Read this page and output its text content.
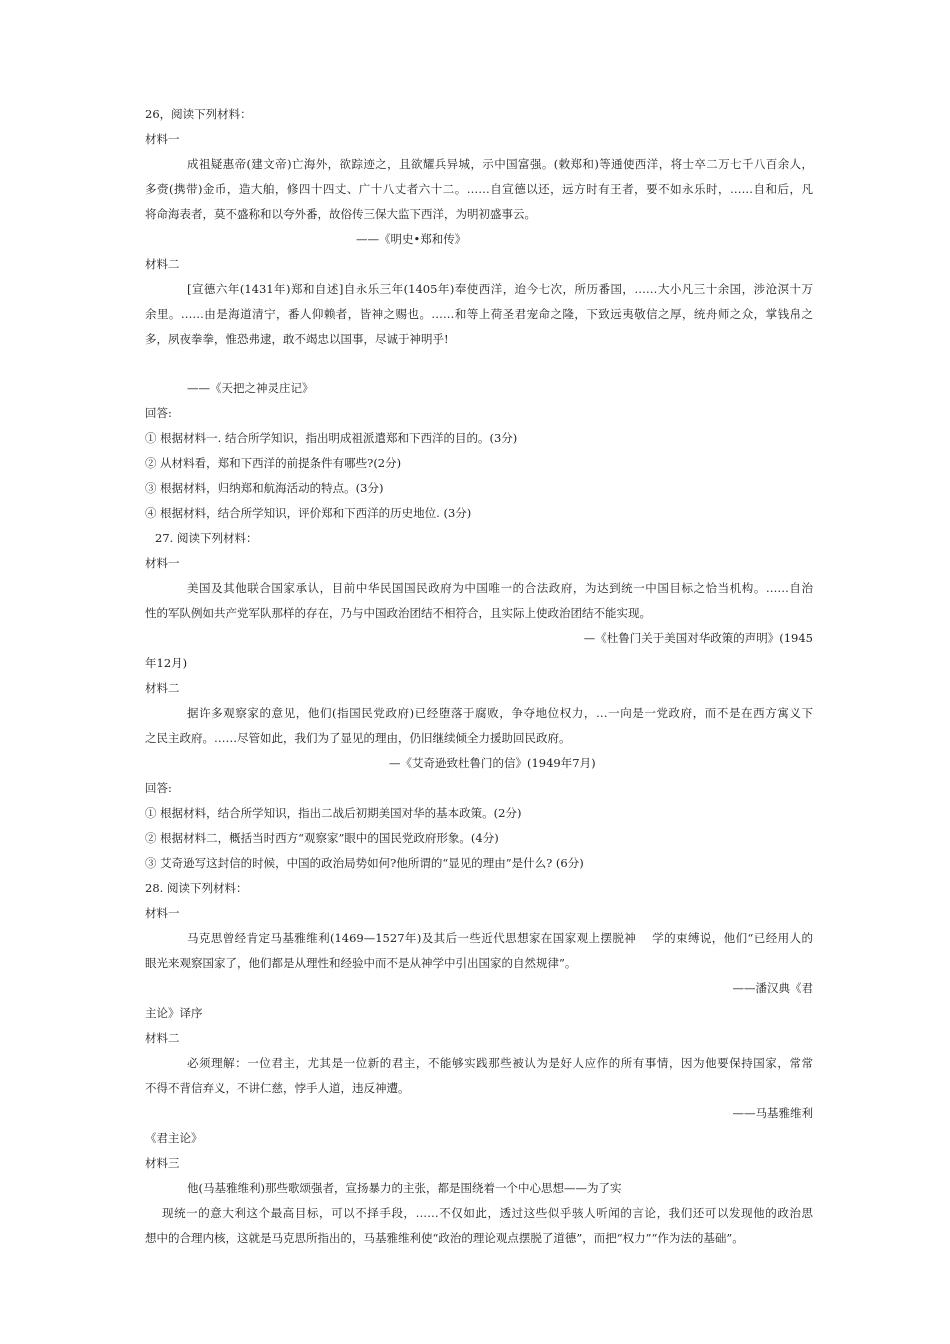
26，阅读下列材料：
材料一
成祖疑惠帝(建文帝)亡海外，欲踪迹之，且欲耀兵异城，示中国富强。(敕郑和)等通使西洋，将士卒二万七千八百余人，
多赍(携带)金币，造大舶，修四十四丈、广十八丈者六十二。……自宣德以还，远方时有王者，要不如永乐时，……自和后，凡
将命海表者，莫不盛称和以夸外番，故俗传三保大监下西洋，为明初盛事云。
——《明史•郑和传》
材料二
[宣德六年(1431年)郑和自述]自永乐三年(1405年)奉使西洋，迨今七次，所历番国，……大小凡三十余国，涉沧溟十万
余里。……由是海道清宁，番人仰赖者，皆神之赐也。……和等上荷圣君宠命之隆，下致远夷敬信之厚，统舟师之众，掌钱帛之
多，夙夜拳拳，惟恐弗逮，敢不竭忠以国事，尽诚于神明乎!
——《天把之神灵庄记》
回答:
① 根据材料一. 结合所学知识，指出明成祖派遣郑和下西洋的目的。(3分)
② 从材料看，郑和下西洋的前提条件有哪些?(2分)
③ 根据材料，归纳郑和航海活动的特点。(3分)
④ 根据材料，结合所学知识，评价郑和下西洋的历史地位. (3分)
27. 阅读下列材料：
材料一
美国及其他联合国家承认，目前中华民国国民政府为中国唯一的合法政府，为达到统一中国目标之恰当机构。……自治
性的军队例如共产党军队那样的存在，乃与中国政治团结不相符合，且实际上使政治团结不能实现。
—《杜鲁门关于美国对华政策的声明》(1945
年12月)
材料二
据许多观察家的意见，他们(指国民党政府)已经堕落于腐败，争夺地位权力，…一向是一党政府，而不是在西方寓义下
之民主政府。……尽管如此，我们为了显见的理由，仍旧继续倾全力援助回民政府。
—《艾奇逊致杜鲁门的信》(1949年7月)
回答:
① 根据材料，结合所学知识，指出二战后初期美国对华的基本政策。(2分)
② 根据材料二，概括当时西方“观察家”眼中的国民党政府形象。(4分)
③ 艾奇逊写这封信的时候，中国的政治局势如何?他所谓的“显见的理由”是什么? (6分)
28. 阅读下列材料：
材料一
马克思曾经肯定马基雅维利(1469—1527年)及其后一些近代思想家在国家观上摆脱神　 学的束缚说，他们“已经用人的
眼光来观察国家了，他们都是从理性和经验中而不是从神学中引出国家的自然规律”。
——潘汉典《君
主论》译序
材料二
必须理解：一位君主，尤其是一位新的君主，不能够实践那些被认为是好人应作的所有事情，因为他要保持国家，常常
不得不背信弃义，不讲仁慈，悖手人道，违反神遭。
——马基雅维利
《君主论》
材料三
他(马基雅维利)那些歌颂强者，宣扬暴力的主张，都是围绕着一个中心思想——为了实
现统一的意大利这个最高目标，可以不择手段，……不仅如此，透过这些似乎骇人听闻的言论，我们还可以发现他的政治思
想中的合理内核，这就是马克思所指出的，马基雅维利使“政治的理论观点摆脱了道德”，而把“权力”“作为法的基础”。
